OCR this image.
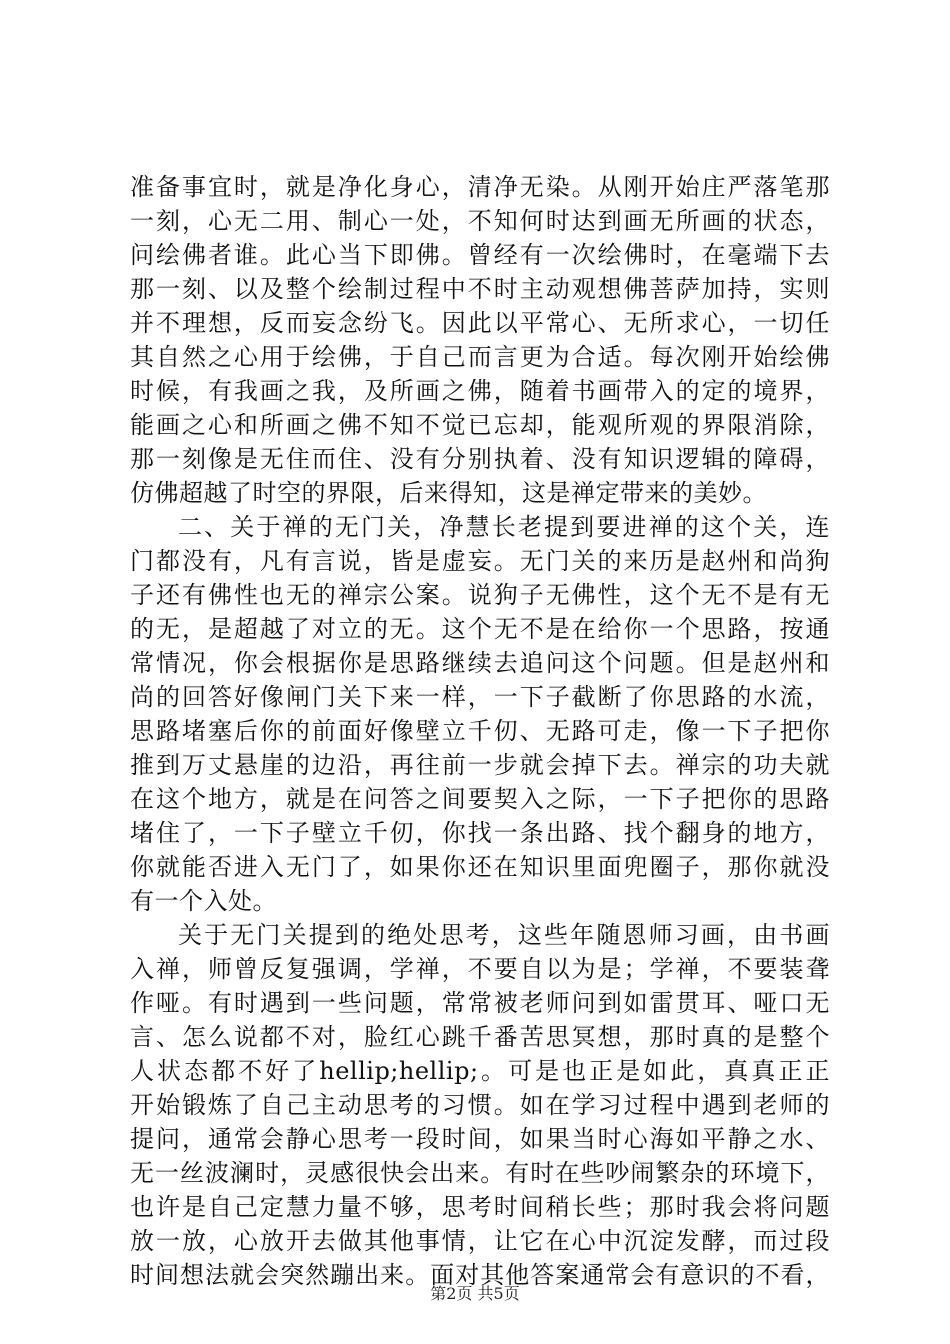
准备事宜时，就是净化身心，清净无染。从刚开始庄严落笔那
一刻，心无二用、制心一处，不知何时达到画无所画的状态，
问绘佛者谁。此心当下即佛。曾经有一次绘佛时，在毫端下去
那一刻、以及整个绘制过程中不时主动观想佛菩萨加持，实则
并不理想，反而妄念纷飞。因此以平常心、无所求心，一切任
其自然之心用于绘佛，于自己而言更为合适。每次刚开始绘佛
时候，有我画之我，及所画之佛，随着书画带入的定的境界，
能画之心和所画之佛不知不觉已忘却，能观所观的界限消除，
那一刻像是无住而住、没有分别执着、没有知识逻辑的障碍，
仿佛超越了时空的界限，后来得知，这是禅定带来的美妙。
二、关于禅的无门关，净慧长老提到要进禅的这个关，连
门都没有，凡有言说，皆是虚妄。无门关的来历是赵州和尚狗
子还有佛性也无的禅宗公案。说狗子无佛性，这个无不是有无
的无，是超越了对立的无。这个无不是在给你一个思路，按通
常情况，你会根据你是思路继续去追问这个问题。但是赵州和
尚的回答好像闸门关下来一样，一下子截断了你思路的水流，
思路堵塞后你的前面好像壁立千仞、无路可走，像一下子把你
推到万丈悬崖的边沿，再往前一步就会掉下去。禅宗的功夫就
在这个地方，就是在问答之间要契入之际，一下子把你的思路
堵住了，一下子壁立千仞，你找一条出路、找个翻身的地方，
你就能否进入无门了，如果你还在知识里面兜圈子，那你就没
有一个入处。
关于无门关提到的绝处思考，这些年随恩师习画，由书画
入禅，师曾反复强调，学禅，不要自以为是；学禅，不要装聋
作哑。有时遇到一些问题，常常被老师问到如雷贯耳、哑口无
言、怎么说都不对，脸红心跳千番苦思冥想，那时真的是整个
人状态都不好了hellip;hellip;。可是也正是如此，真真正正
开始锻炼了自己主动思考的习惯。如在学习过程中遇到老师的
提问，通常会静心思考一段时间，如果当时心海如平静之水、
无一丝波澜时，灵感很快会出来。有时在些吵闹繁杂的环境下，
也许是自己定慧力量不够，思考时间稍长些；那时我会将问题
放一放，心放开去做其他事情，让它在心中沉淀发酵，而过段
时间想法就会突然蹦出来。面对其他答案通常会有意识的不看，
第2页 共5页
